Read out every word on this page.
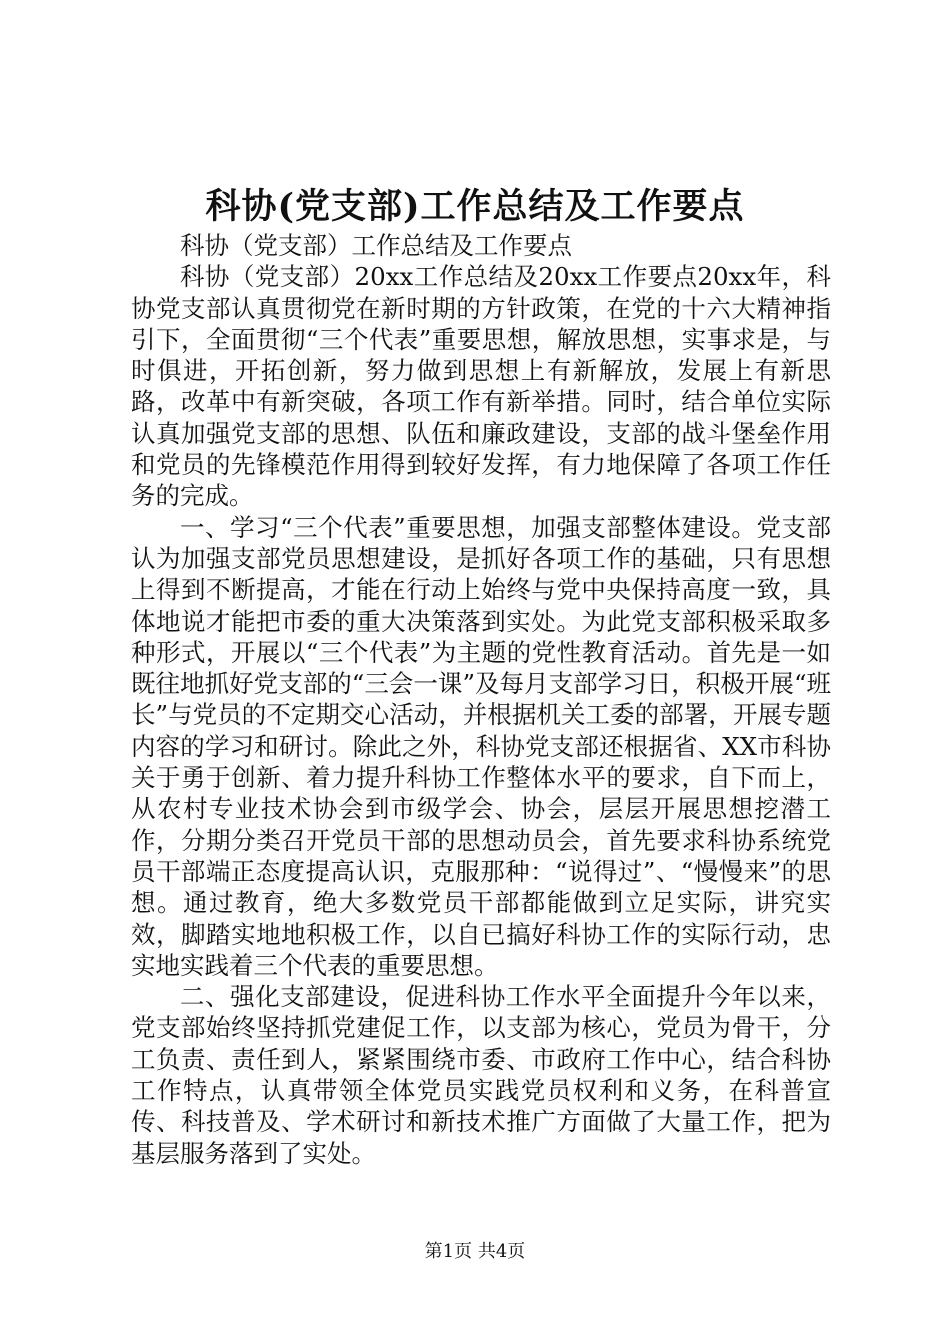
科协(党支部)工作总结及工作要点

科协（党支部）工作总结及工作要点

科协（党支部）20xx工作总结及20xx工作要点20xx年，科协党支部认真贯彻党在新时期的方针政策，在党的十六大精神指引下，全面贯彻“三个代表”重要思想，解放思想，实事求是，与时俱进，开拓创新，努力做到思想上有新解放，发展上有新思路，改革中有新突破，各项工作有新举措。同时，结合单位实际认真加强党支部的思想、队伍和廉政建设，支部的战斗堡垒作用和党员的先锋模范作用得到较好发挥，有力地保障了各项工作任务的完成。

一、学习“三个代表”重要思想，加强支部整体建设。党支部认为加强支部党员思想建设，是抓好各项工作的基础，只有思想上得到不断提高，才能在行动上始终与党中央保持高度一致，具体地说才能把市委的重大决策落到实处。为此党支部积极采取多种形式，开展以“三个代表”为主题的党性教育活动。首先是一如既往地抓好党支部的“三会一课”及每月支部学习日，积极开展“班长”与党员的不定期交心活动，并根据机关工委的部署，开展专题内容的学习和研讨。除此之外，科协党支部还根据省、XX市科协关于勇于创新、着力提升科协工作整体水平的要求，自下而上，从农村专业技术协会到市级学会、协会，层层开展思想挖潜工作，分期分类召开党员干部的思想动员会，首先要求科协系统党员干部端正态度提高认识，克服那种：“说得过”、“慢慢来”的思想。通过教育，绝大多数党员干部都能做到立足实际，讲究实效，脚踏实地地积极工作，以自已搞好科协工作的实际行动，忠实地实践着三个代表的重要思想。

二、强化支部建设，促进科协工作水平全面提升今年以来，党支部始终坚持抓党建促工作，以支部为核心，党员为骨干，分工负责、责任到人，紧紧围绕市委、市政府工作中心，结合科协工作特点，认真带领全体党员实践党员权利和义务，在科普宣传、科技普及、学术研讨和新技术推广方面做了大量工作，把为基层服务落到了实处。

第1页 共4页
